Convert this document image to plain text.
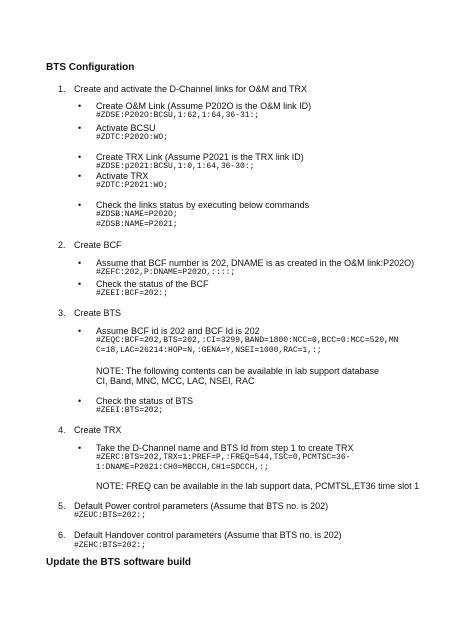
BTS Configuration
1. Create and activate the D-Channel links for O&M and TRX
• Create O&M Link (Assume P202O is the O&M link ID)
#ZDSE:P202O:BCSU,1:62,1:64,36-31:;
• Activate BCSU
#ZDTC:P202O:WO;
• Create TRX Link (Assume P2021 is the TRX link ID)
#ZDSE:p2021:BCSU,1:0,1:64,36-30:;
• Activate TRX
#ZDTC:P2021:WO;
• Check the links status by executing below commands
#ZDSB:NAME=P202O;
#ZDSB:NAME=P2021;
2. Create BCF
• Assume that BCF number is 202, DNAME is as created in the O&M link:P202O)
#ZEFC:202,P:DNAME=P202O,::::;
• Check the status of the BCF
#ZEEI:BCF=202:;
3. Create BTS
• Assume BCF id is 202 and BCF Id is 202
#ZEQC:BCF=202,BTS=202,:CI=3299,BAND=1800:NCC=0,BCC=0:MCC=520,MN
C=18,LAC=26214:HOP=N,:GENA=Y,NSEI=1000,RAC=1,:;
NOTE: The following contents can be available in lab support database
CI, Band, MNC, MCC, LAC, NSEI, RAC
• Check the status of BTS
#ZEEI:BTS=202;
4. Create TRX
• Take the D-Channel name and BTS Id from step 1 to create TRX
#ZERC:BTS=202,TRX=1:PREF=P,:FREQ=544,TSC=0,PCMTSC=36-
1:DNAME=P2021:CH0=MBCCH,CH1=SDCCH,:;
NOTE: FREQ can be available in the lab support data, PCMTSL,ET36 time slot 1
5. Default Power control parameters (Assume that BTS no. is 202)
#ZEUC:BTS=202:;
6. Default Handover control parameters (Assume that BTS no. is 202)
#ZEHC:BTS=202:;
Update the BTS software build
